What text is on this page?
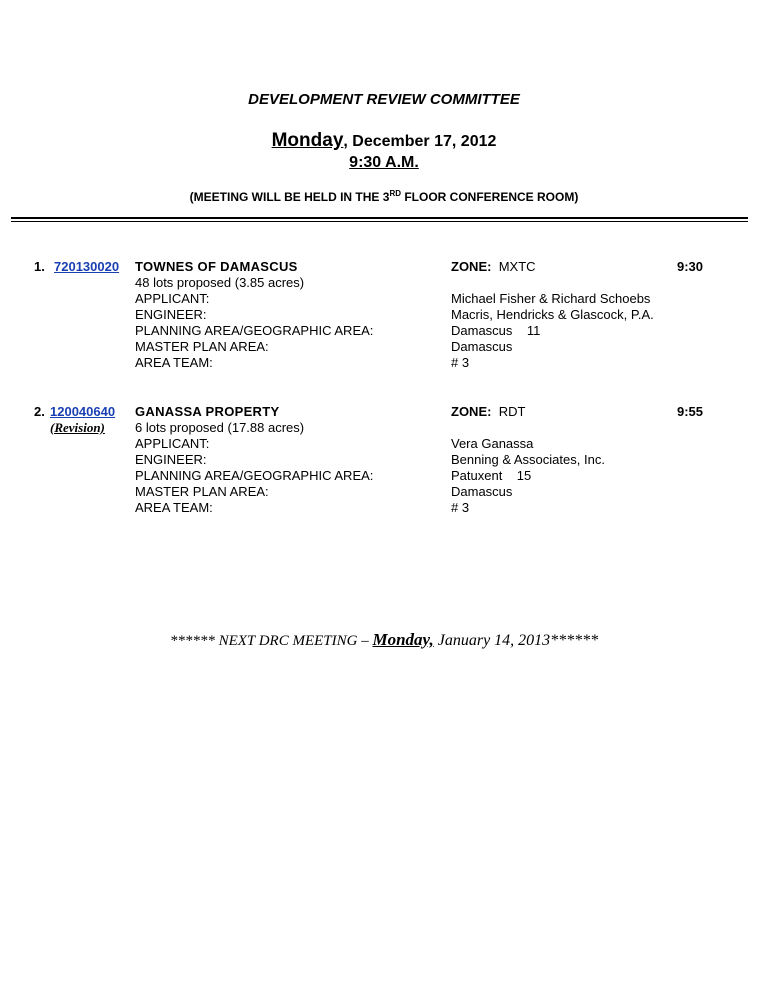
DEVELOPMENT REVIEW COMMITTEE
Monday, December 17, 2012
9:30 A.M.
(MEETING WILL BE HELD IN THE 3RD FLOOR CONFERENCE ROOM)
1. 720130020 TOWNES OF DAMASCUS
48 lots proposed (3.85 acres)
APPLICANT:
ENGINEER:
PLANNING AREA/GEOGRAPHIC AREA:
MASTER PLAN AREA:
AREA TEAM:
ZONE: MXTC
Michael Fisher & Richard Schoebs
Macris, Hendricks & Glascock, P.A.
Damascus    11
Damascus
# 3
9:30
2. 120040640
(Revision)
GANASSA PROPERTY
6 lots proposed (17.88 acres)
APPLICANT:
ENGINEER:
PLANNING AREA/GEOGRAPHIC AREA:
MASTER PLAN AREA:
AREA TEAM:
ZONE: RDT
Vera Ganassa
Benning & Associates, Inc.
Patuxent    15
Damascus
# 3
9:55
****** NEXT DRC MEETING – Monday, January 14, 2013******
